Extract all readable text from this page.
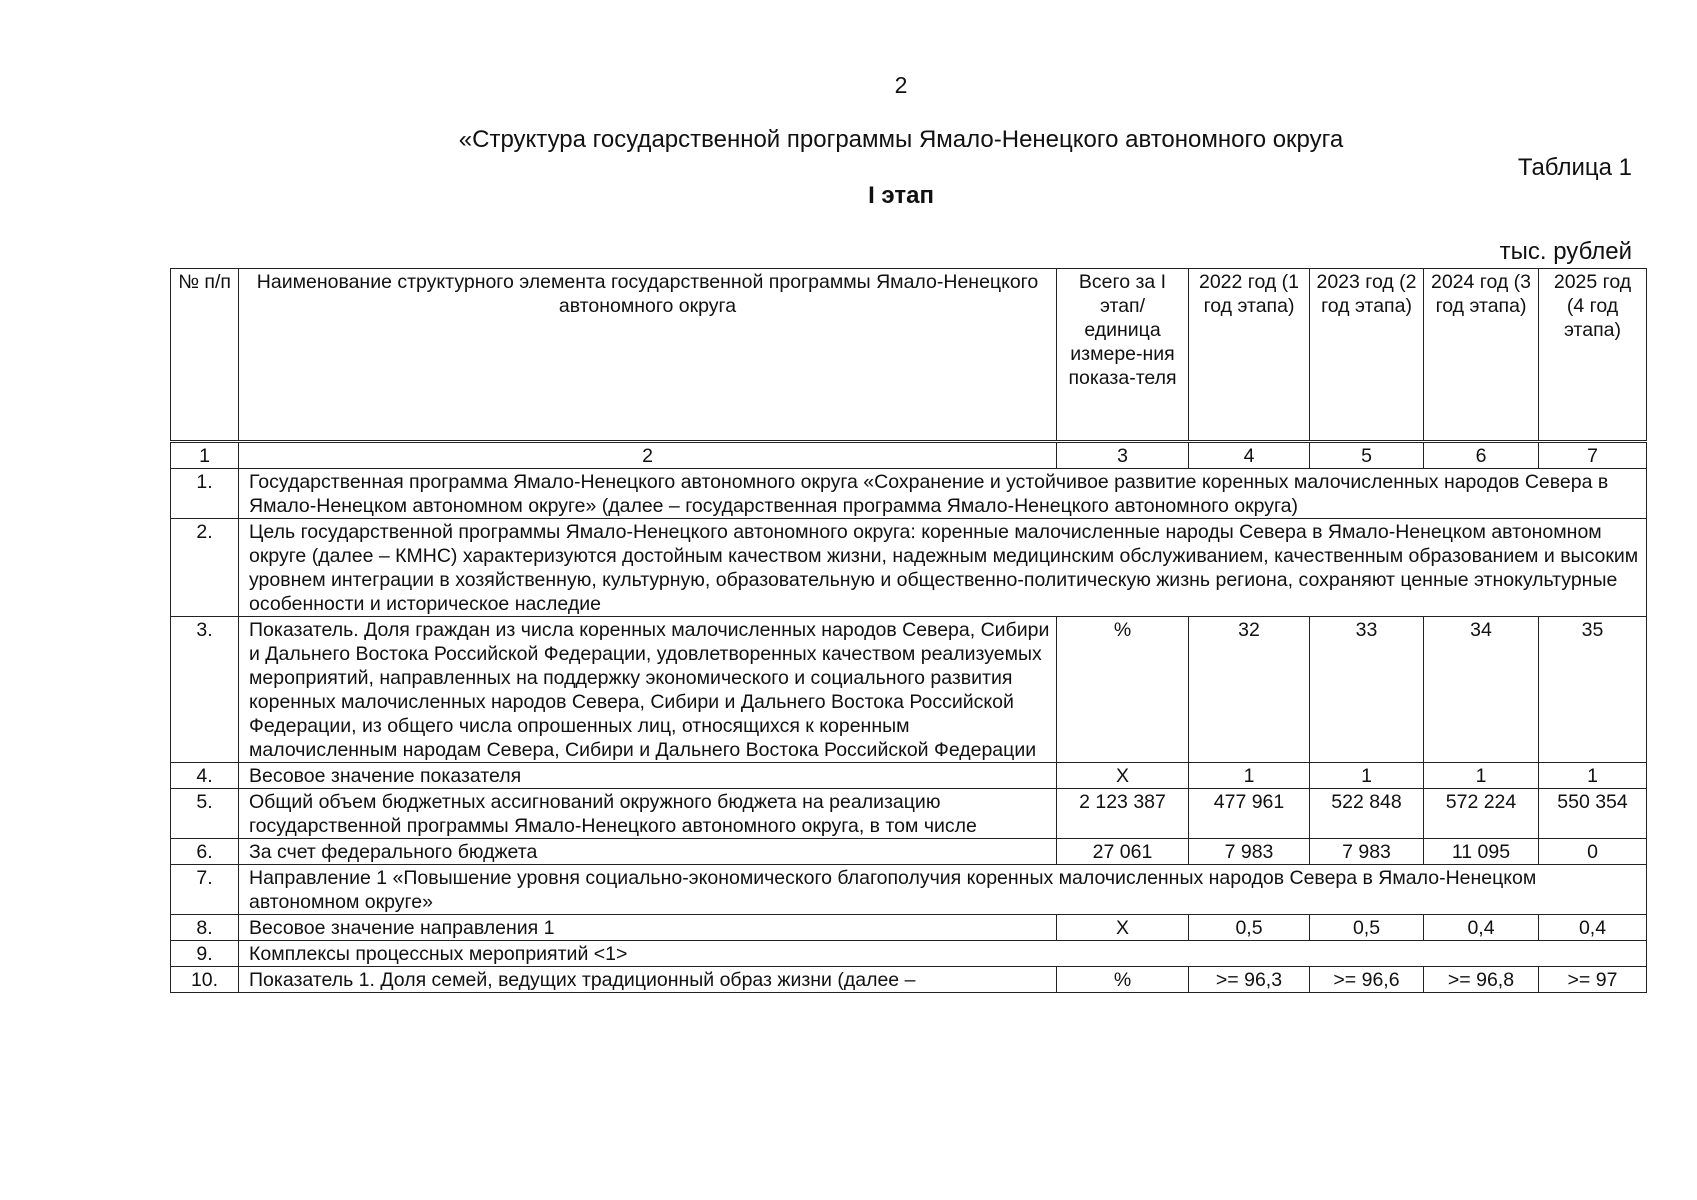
2
«Структура государственной программы Ямало-Ненецкого автономного округа
Таблица 1
I этап
тыс. рублей
№ п/п	Наименование структурного элемента государственной программы Ямало-Ненецкого автономного округа	Всего за I этап/ единица измере-ния показа-теля	2022 год (1 год этапа)	2023 год (2 год этапа)	2024 год (3 год этапа)	2025 год (4 год этапа)
1	2	3	4	5	6	7
1.	Государственная программа Ямало-Ненецкого автономного округа «Сохранение и устойчивое развитие коренных малочисленных народов Севера в Ямало-Ненецком автономном округе» (далее – государственная программа Ямало-Ненецкого автономного округа)					
2.	Цель государственной программы Ямало-Ненецкого автономного округа: коренные малочисленные народы Севера в Ямало-Ненецком автономном округе (далее – КМНС) характеризуются достойным качеством жизни, надежным медицинским обслуживанием, качественным образованием и высоким уровнем интеграции в хозяйственную, культурную, образовательную и общественно-политическую жизнь региона, сохраняют ценные этнокультурные особенности и историческое наследие					
3.	Показатель. Доля граждан из числа коренных малочисленных народов Севера, Сибири и Дальнего Востока Российской Федерации, удовлетворенных качеством реализуемых мероприятий, направленных на поддержку экономического и социального развития коренных малочисленных народов Севера, Сибири и Дальнего Востока Российской Федерации, из общего числа опрошенных лиц, относящихся к коренным малочисленным народам Севера, Сибири и Дальнего Востока Российской Федерации	%	32	33	34	35
4.	Весовое значение показателя	X	1	1	1	1
5.	Общий объем бюджетных ассигнований окружного бюджета на реализацию государственной программы Ямало-Ненецкого автономного округа, в том числе	2 123 387	477 961	522 848	572 224	550 354
6.	За счет федерального бюджета	27 061	7 983	7 983	11 095	0
7.	Направление 1 «Повышение уровня социально-экономического благополучия коренных малочисленных народов Севера в Ямало-Ненецком автономном округе»					
8.	Весовое значение направления 1	X	0,5	0,5	0,4	0,4
9.	Комплексы процессных мероприятий <1>					
10.	Показатель 1. Доля семей, ведущих традиционный образ жизни (далее –	%	>= 96,3	>= 96,6	>= 96,8	>= 97
